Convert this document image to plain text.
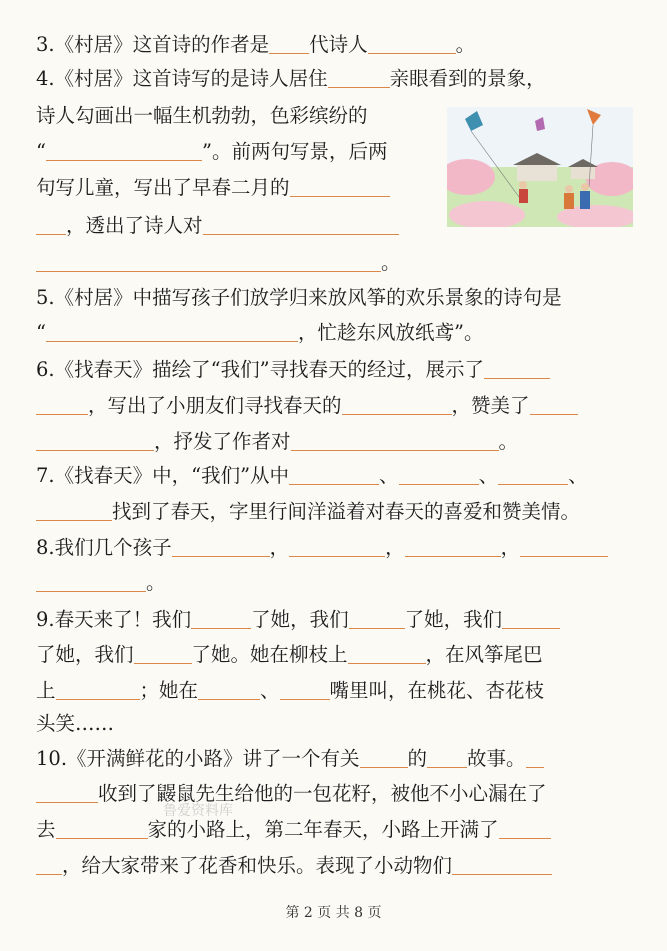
3.《村居》这首诗的作者是 代诗人	。
4.《村居》这首诗写的是诗人居住	亲眼看到的景象，
诗人勾画出一幅生机勃勃，色彩缤纷的
“	”。前两句写景，后两
句写儿童，写出了早春二月的
，透出了诗人对
。
5.《村居》中描写孩子们放学归来放风筝的欢乐景象的诗句是
“	，忙趁东风放纸鸢”。
6.《找春天》描绘了“我们”寻找春天的经过，展示了
，写出了小朋友们寻找春天的	，赞美了
，抒发了作者对	。
7.《找春天》中，“我们”从中	、	、	、
找到了春天，字里行间洋溢着对春天的喜爱和赞美情。
8.我们几个孩子	，	，	，
。
9.春天来了！我们	了她，我们	了她，我们
了她，我们	了她。她在柳枝上	，在风筝尾巴
上	；她在	、	嘴里叫，在桃花、杏花枝
头笑……
10.《开满鲜花的小路》讲了一个有关 的 故事。
收到了鼹鼠先生给他的一包花籽，被他不小心漏在了
去	家的小路上，第二年春天，小路上开满了
，给大家带来了花香和快乐。表现了小动物们
鲁爱资料库
第 2 页 共 8 页
